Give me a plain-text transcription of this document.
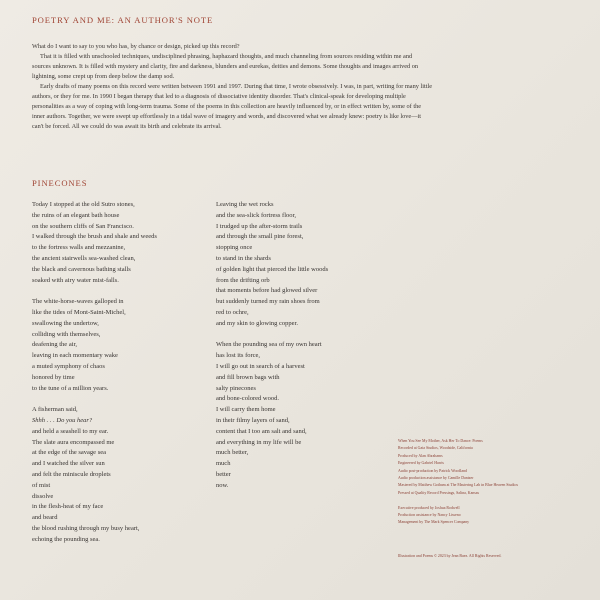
POETRY AND ME: AN AUTHOR'S NOTE

What do I want to say to you who has, by chance or design, picked up this record?

That it is filled with unschooled techniques, undisciplined phrasing, haphazard thoughts, and much channeling from sources residing within me and sources unknown. It is filled with mystery and clarity, fire and darkness, blunders and eurekas, deities and demons. Some thoughts and images arrived on lightning, some crept up from deep below the damp sod.

Early drafts of many poems on this record were written between 1991 and 1997. During that time, I wrote obsessively. I was, in part, writing for many little authors, or they for me. In 1990 I began therapy that led to a diagnosis of dissociative identity disorder. That's clinical-speak for developing multiple personalities as a way of coping with long-term trauma. Some of the poems in this collection are heavily influenced by, or in effect written by, some of the inner authors. Together, we were swept up effortlessly in a tidal wave of imagery and words, and discovered what we already knew: poetry is like love—it can't be forced. All we could do was await its birth and celebrate its arrival.

PINECONES
Today I stopped at the old Sutro stones,
the ruins of an elegant bath house
on the southern cliffs of San Francisco.
I walked through the brush and shale and weeds
to the fortress walls and mezzanine,
the ancient stairwells sea-washed clean,
the black and cavernous bathing stalls
soaked with airy water mist-falls.
The white-horse-waves galloped in
like the tides of Mont-Saint-Michel,
swallowing the undertow,
colliding with themselves,
deafening the air,
leaving in each momentary wake
a muted symphony of chaos
honored by time
to the tune of a million years.
A fisherman said,
Shhh . . . Do you hear?
and held a seashell to my ear.
The slate aura encompassed me
at the edge of the savage sea
and I watched the silver sun
and felt the miniscule droplets
of mist
dissolve
in the flesh-heat of my face
and beard
the blood rushing through my busy heart,
echoing the pounding sea.
Leaving the wet rocks
and the sea-slick fortress floor,
I trudged up the after-storm trails
and through the small pine forest,
stopping once
to stand in the shards
of golden light that pierced the little woods
from the drifting orb
that moments before had glowed silver
but suddenly turned my rain shoes from
red to ochre,
and my skin to glowing copper.
When the pounding sea of my own heart
has lost its force,
I will go out in search of a harvest
and fill brown bags with
salty pinecones
and bone-colored wood.
I will carry them home
in their filmy layers of sand,
content that I too am salt and sand,
and everything in my life will be
much better,
much
better
now.
When You See My Mother, Ask Her To Dance: Poems
Recorded at Gaia Studios, Woodside, California
Produced by Alan Abrahams
Engineered by Gabriel Harris
Audio post-production by Patrick Woodland
Audio production assistance by Camille Dantzer
Mastered by Matthew Gotham at The Mastering Lab in Blue Heaven Studios
Pressed at Quality Record Pressings, Salina, Kansas
Executive produced by Joshua Rodwell
Production assistance by Nancy Lisseno
Management by The Mark Spencer Company
Illustration and Poems © 2023 by Jean Baez. All Rights Reserved.
